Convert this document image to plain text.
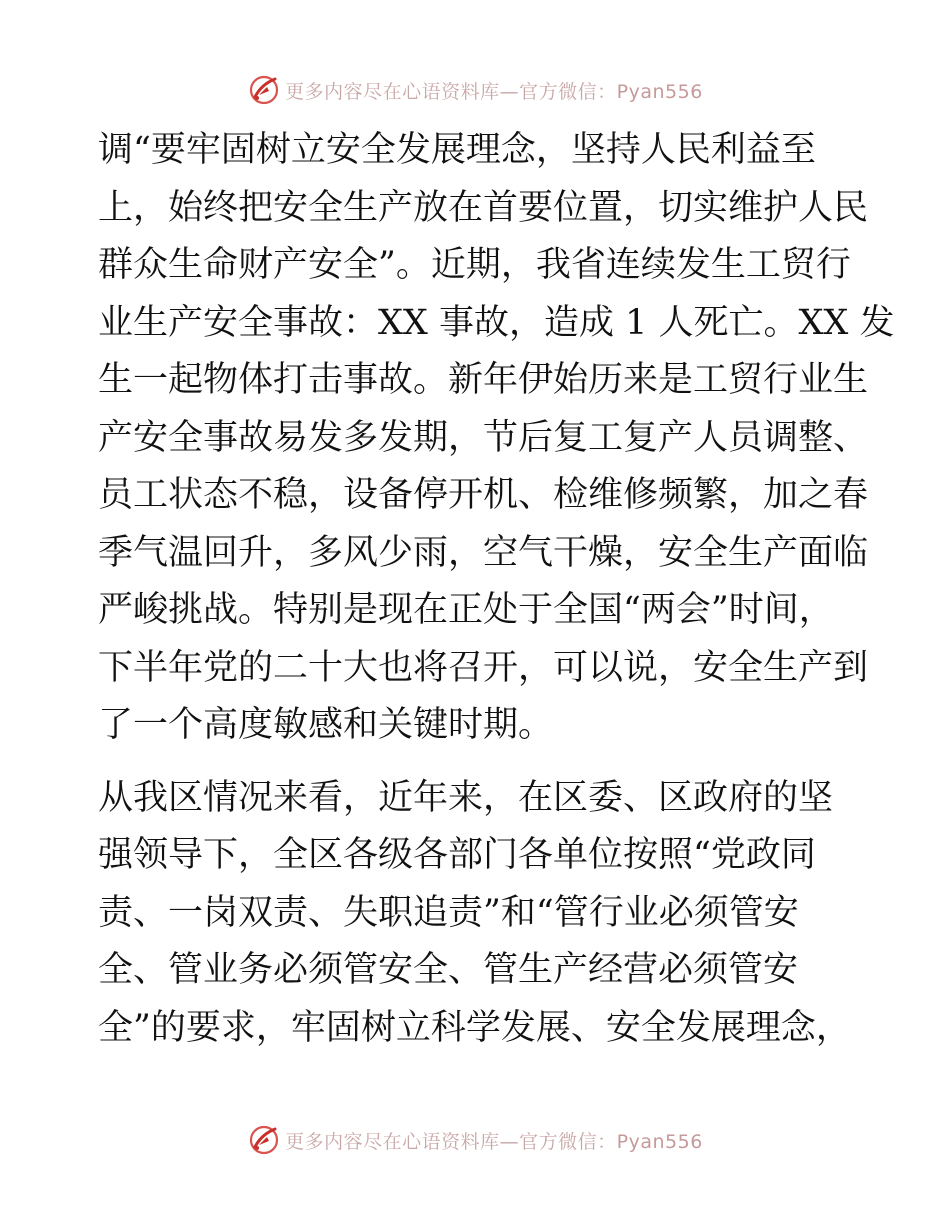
更多内容尽在心语资料库—官方微信：Pyan556

调“要牢固树立安全发展理念，坚持人民利益至
上，始终把安全生产放在首要位置，切实维护人民
群众生命财产安全”。近期，我省连续发生工贸行
业生产安全事故：XX 事故，造成 1 人死亡。XX 发
生一起物体打击事故。新年伊始历来是工贸行业生
产安全事故易发多发期，节后复工复产人员调整、
员工状态不稳，设备停开机、检维修频繁，加之春
季气温回升，多风少雨，空气干燥，安全生产面临
严峻挑战。特别是现在正处于全国“两会”时间，
下半年党的二十大也将召开，可以说，安全生产到
了一个高度敏感和关键时期。

从我区情况来看，近年来，在区委、区政府的坚
强领导下，全区各级各部门各单位按照“党政同
责、一岗双责、失职追责”和“管行业必须管安
全、管业务必须管安全、管生产经营必须管安
全”的要求，牢固树立科学发展、安全发展理念，

更多内容尽在心语资料库—官方微信：Pyan556
